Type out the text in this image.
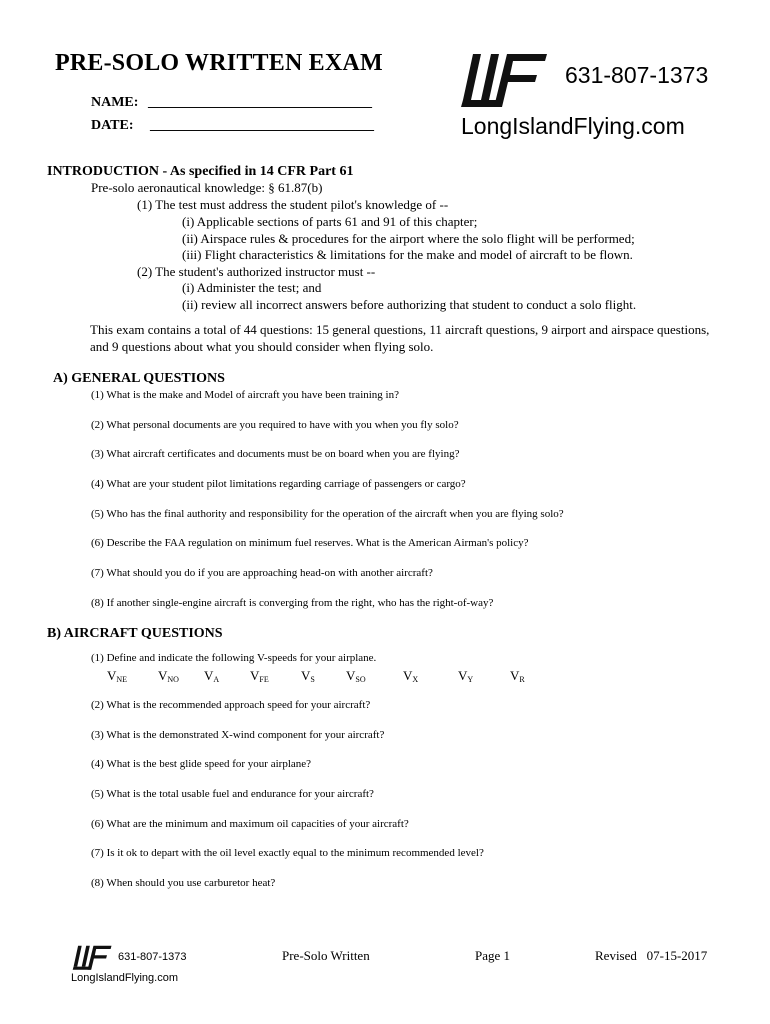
PRE-SOLO WRITTEN EXAM
NAME: ________________________________
DATE: ________________________________
631-807-1373
LongIslandFlying.com
INTRODUCTION - As specified in 14 CFR Part 61
Pre-solo aeronautical knowledge: § 61.87(b)
(1) The test must address the student pilot's knowledge of --
(i) Applicable sections of parts 61 and 91 of this chapter;
(ii) Airspace rules & procedures for the airport where the solo flight will be performed;
(iii) Flight characteristics & limitations for the make and model of aircraft to be flown.
(2) The student's authorized instructor must --
(i) Administer the test; and
(ii) review all incorrect answers before authorizing that student to conduct a solo flight.
This exam contains a total of 44 questions: 15 general questions, 11 aircraft questions, 9 airport and airspace questions, and 9 questions about what you should consider when flying solo.
A) GENERAL QUESTIONS
(1) What is the make and Model of aircraft you have been training in?
(2) What personal documents are you required to have with you when you fly solo?
(3) What aircraft certificates and documents must be on board when you are flying?
(4) What are your student pilot limitations regarding carriage of passengers or cargo?
(5) Who has the final authority and responsibility for the operation of the aircraft when you are flying solo?
(6) Describe the FAA regulation on minimum fuel reserves. What is the American Airman's policy?
(7) What should you do if you are approaching head-on with another aircraft?
(8) If another single-engine aircraft is converging from the right, who has the right-of-way?
B) AIRCRAFT QUESTIONS
(1) Define and indicate the following V-speeds for your airplane.
$V_{NE}$ $V_{NO}$ $V_A$ $V_{FE}$ $V_S$ $V_{SO}$	$V_X$	$V_Y$	$V_R$
(2) What is the recommended approach speed for your aircraft?
(3) What is the demonstrated X-wind component for your aircraft?
(4) What is the best glide speed for your airplane?
(5) What is the total usable fuel and endurance for your aircraft?
(6) What are the minimum and maximum oil capacities of your aircraft?
(7) Is it ok to depart with the oil level exactly equal to the minimum recommended level?
(8) When should you use carburetor heat?
631-807-1373
LongIslandFlying.com
Pre-Solo Written	Page 1	Revised   07-15-2017
